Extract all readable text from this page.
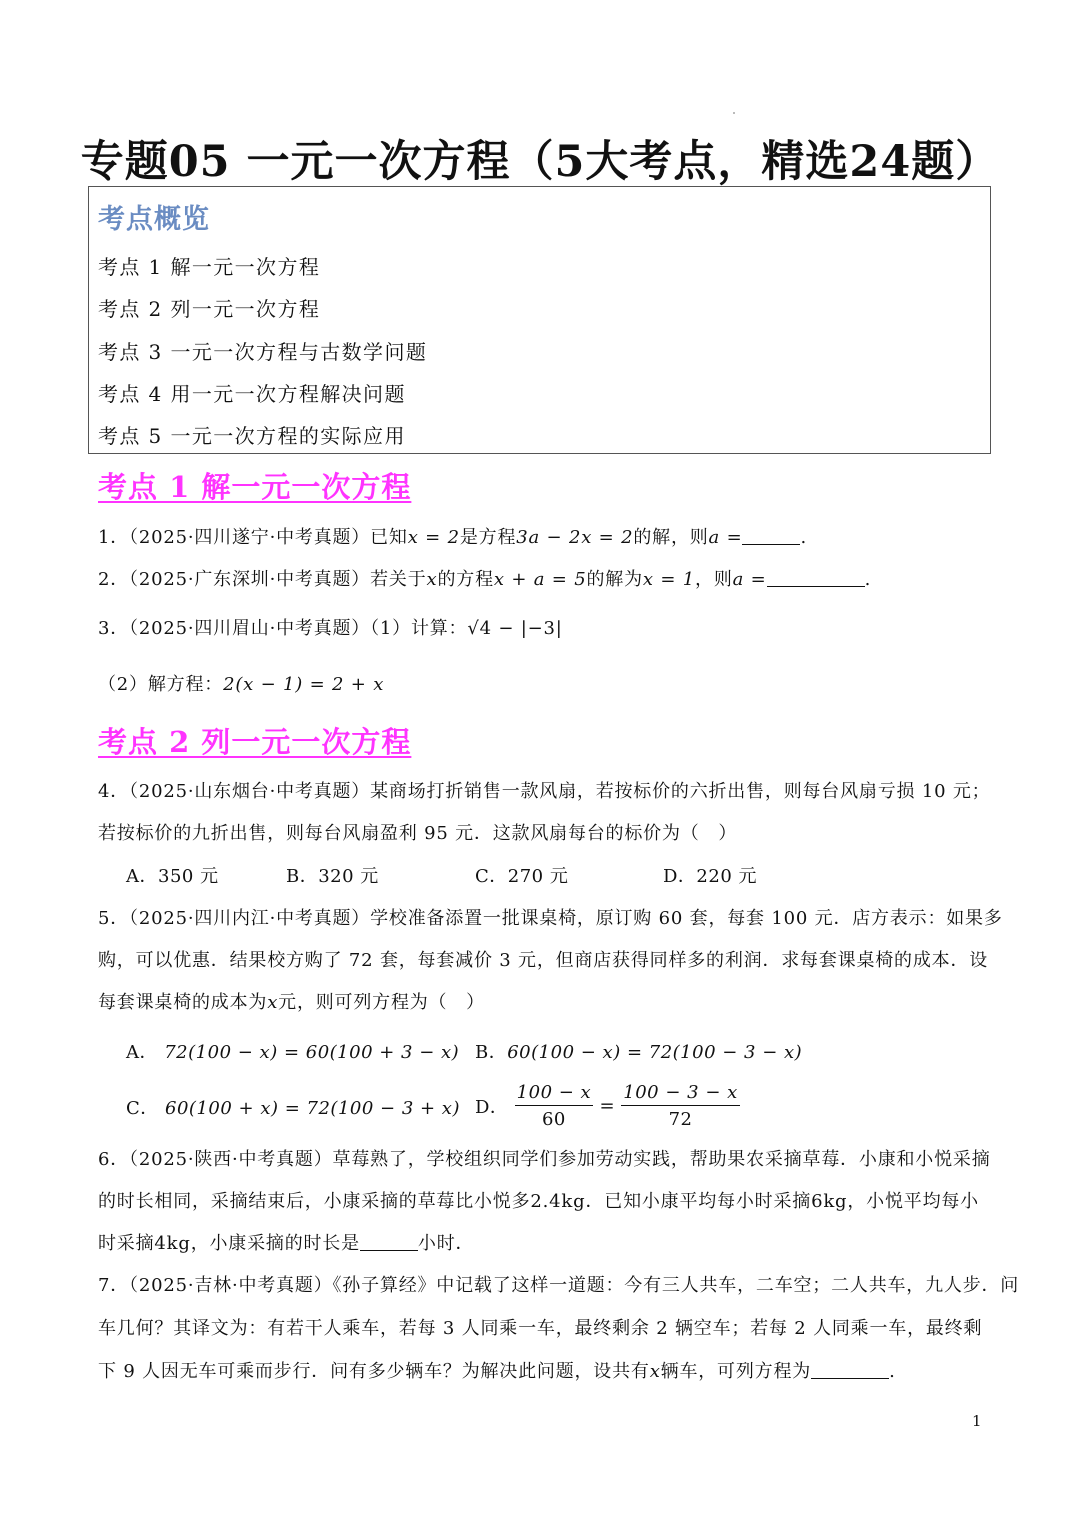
专题05 一元一次方程（5大考点，精选24题）
考点概览
考点 1 解一元一次方程
考点 2 列一元一次方程
考点 3 一元一次方程与古数学问题
考点 4 用一元一次方程解决问题
考点 5 一元一次方程的实际应用
考点 1 解一元一次方程
1．（2025·四川遂宁·中考真题）已知x = 2是方程3a − 2x = 2的解，则a =	.
2．（2025·广东深圳·中考真题）若关于x的方程x + a = 5的解为x = 1，则a =	.
3．（2025·四川眉山·中考真题）（1）计算：√4 − |−3|
（2）解方程：2(x − 1) = 2 + x
考点 2 列一元一次方程
4．（2025·山东烟台·中考真题）某商场打折销售一款风扇，若按标价的六折出售，则每台风扇亏损 10 元；
若按标价的九折出售，则每台风扇盈利 95 元．这款风扇每台的标价为（　）
A．350 元	B．320 元	C．270 元	D．220 元
5．（2025·四川内江·中考真题）学校准备添置一批课桌椅，原订购 60 套，每套 100 元．店方表示：如果多
购，可以优惠．结果校方购了 72 套，每套减价 3 元，但商店获得同样多的利润．求每套课桌椅的成本．设
每套课桌椅的成本为x元，则可列方程为（　）
A． 72(100 − x) = 60(100 + 3 − x) B．60(100 − x) = 72(100 − 3 − x)
C． 60(100 + x) = 72(100 − 3 + x) D． $\frac{100 - x}{60} = \frac{100 - 3 - x}{72}$
6．（2025·陕西·中考真题）草莓熟了，学校组织同学们参加劳动实践，帮助果农采摘草莓．小康和小悦采摘
的时长相同，采摘结束后，小康采摘的草莓比小悦多2.4kg．已知小康平均每小时采摘6kg，小悦平均每小
时采摘4kg，小康采摘的时长是	小时．
7．（2025·吉林·中考真题）《孙子算经》中记载了这样一道题：今有三人共车，二车空；二人共车，九人步．问
车几何？其译文为：有若干人乘车，若每 3 人同乘一车，最终剩余 2 辆空车；若每 2 人同乘一车，最终剩
下 9 人因无车可乘而步行．问有多少辆车？为解决此问题，设共有x辆车，可列方程为	.
1
